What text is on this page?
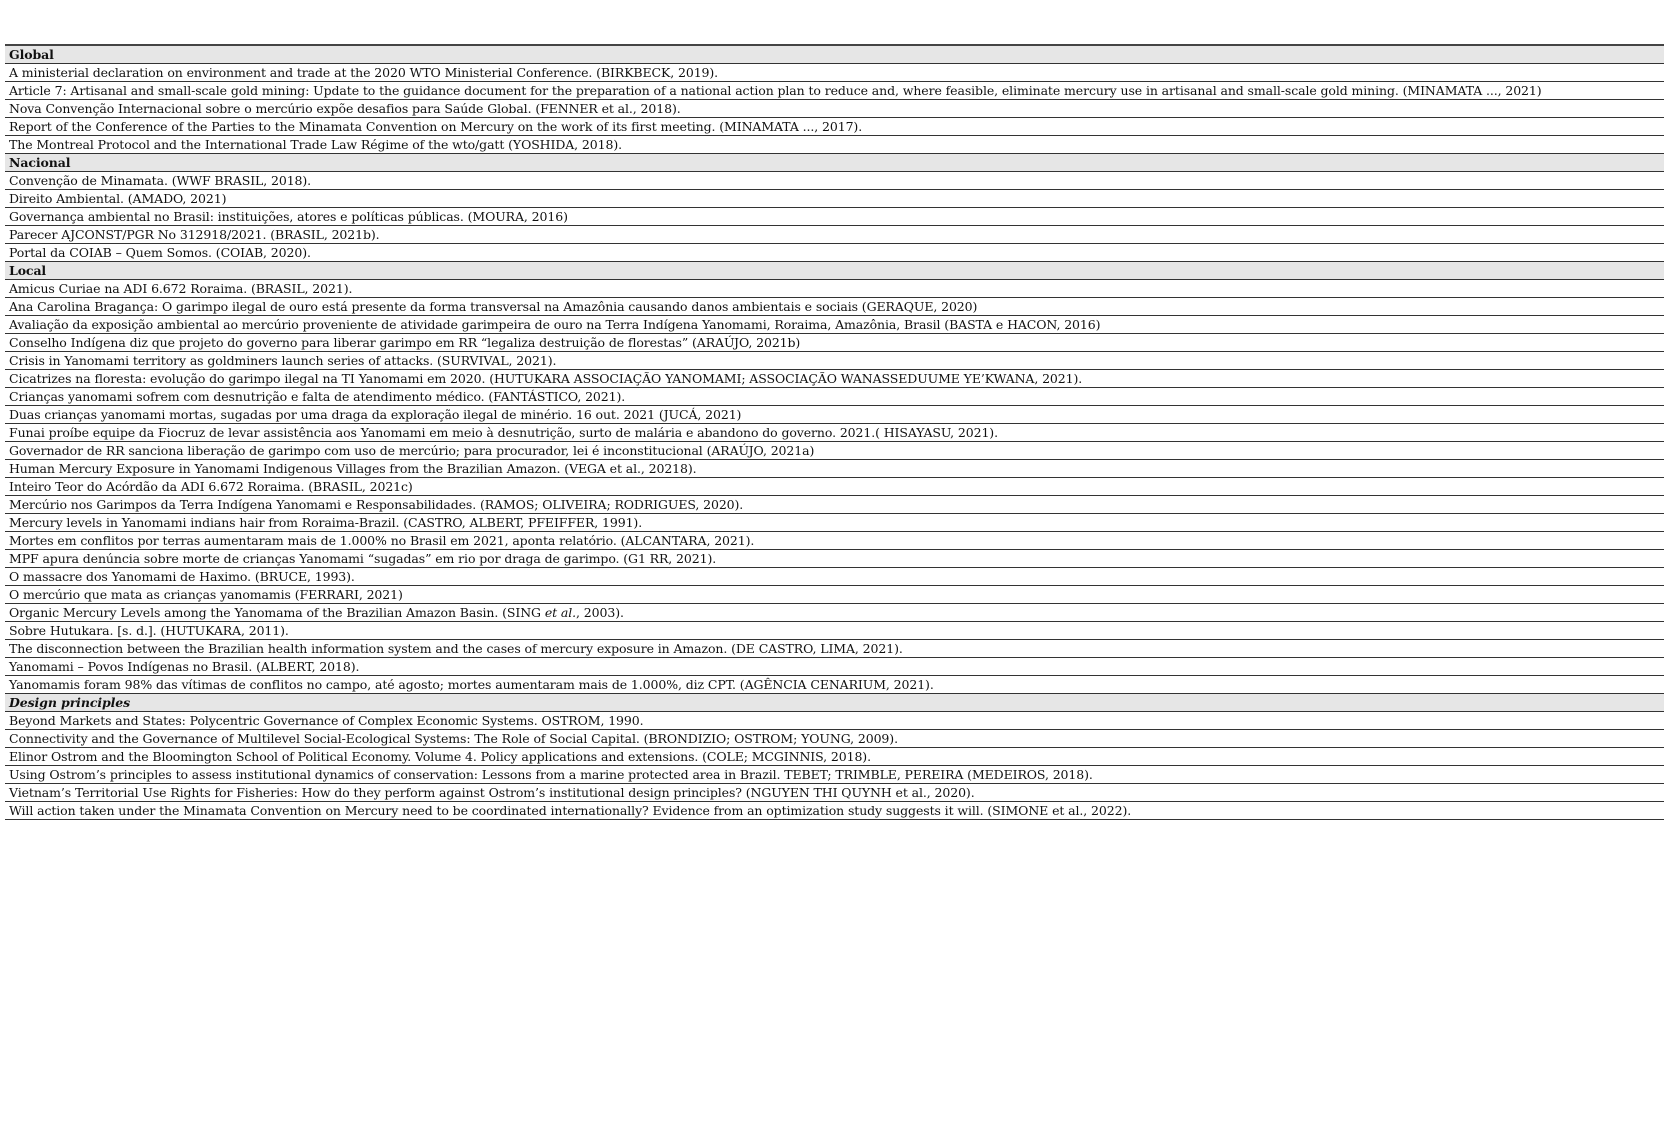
Global
A ministerial declaration on environment and trade at the 2020 WTO Ministerial Conference. (BIRKBECK, 2019).
Article 7: Artisanal and small-scale gold mining: Update to the guidance document for the preparation of a national action plan to reduce and, where feasible, eliminate mercury use in artisanal and small-scale gold mining. (MINAMATA ..., 2021)
Nova Convenção Internacional sobre o mercúrio expõe desafios para Saúde Global. (FENNER et al., 2018).
Report of the Conference of the Parties to the Minamata Convention on Mercury on the work of its first meeting. (MINAMATA ..., 2017).
The Montreal Protocol and the International Trade Law Régime of the wto/gatt (YOSHIDA, 2018).
Nacional
Convenção de Minamata. (WWF BRASIL, 2018).
Direito Ambiental. (AMADO, 2021)
Governança ambiental no Brasil: instituições, atores e políticas públicas. (MOURA, 2016)
Parecer AJCONST/PGR No 312918/2021. (BRASIL, 2021b).
Portal da COIAB – Quem Somos. (COIAB, 2020).
Local
Amicus Curiae na ADI 6.672 Roraima. (BRASIL, 2021).
Ana Carolina Bragança: O garimpo ilegal de ouro está presente da forma transversal na Amazônia causando danos ambientais e sociais (GERAQUE, 2020)
Avaliação da exposição ambiental ao mercúrio proveniente de atividade garimpeira de ouro na Terra Indígena Yanomami, Roraima, Amazônia, Brasil (BASTA e HACON, 2016)
Conselho Indígena diz que projeto do governo para liberar garimpo em RR “legaliza destruição de florestas” (ARAÚJO, 2021b)
Crisis in Yanomami territory as goldminers launch series of attacks. (SURVIVAL, 2021).
Cicatrizes na floresta: evolução do garimpo ilegal na TI Yanomami em 2020. (HUTUKARA ASSOCIAÇÃO YANOMAMI; ASSOCIAÇÃO WANASSEDUUME YE’KWANA, 2021).
Crianças yanomami sofrem com desnutrição e falta de atendimento médico. (FANTÁSTICO, 2021).
Duas crianças yanomami mortas, sugadas por uma draga da exploração ilegal de minério. 16 out. 2021 (JUCÁ, 2021)
Funai proíbe equipe da Fiocruz de levar assistência aos Yanomami em meio à desnutrição, surto de malária e abandono do governo. 2021.( HISAYASU, 2021).
Governador de RR sanciona liberação de garimpo com uso de mercúrio; para procurador, lei é inconstitucional (ARAÚJO, 2021a)
Human Mercury Exposure in Yanomami Indigenous Villages from the Brazilian Amazon. (VEGA et al., 20218).
Inteiro Teor do Acórdão da ADI 6.672 Roraima. (BRASIL, 2021c)
Mercúrio nos Garimpos da Terra Indígena Yanomami e Responsabilidades. (RAMOS; OLIVEIRA; RODRIGUES, 2020).
Mercury levels in Yanomami indians hair from Roraima-Brazil. (CASTRO, ALBERT, PFEIFFER, 1991).
Mortes em conflitos por terras aumentaram mais de 1.000% no Brasil em 2021, aponta relatório. (ALCANTARA, 2021).
MPF apura denúncia sobre morte de crianças Yanomami “sugadas” em rio por draga de garimpo. (G1 RR, 2021).
O massacre dos Yanomami de Haximo. (BRUCE, 1993).
O mercúrio que mata as crianças yanomamis (FERRARI, 2021)
Organic Mercury Levels among the Yanomama of the Brazilian Amazon Basin. (SING et al., 2003).
Sobre Hutukara. [s. d.]. (HUTUKARA, 2011).
The disconnection between the Brazilian health information system and the cases of mercury exposure in Amazon. (DE CASTRO, LIMA, 2021).
Yanomami – Povos Indígenas no Brasil. (ALBERT, 2018).
Yanomamis foram 98% das vítimas de conflitos no campo, até agosto; mortes aumentaram mais de 1.000%, diz CPT. (AGÊNCIA CENARIUM, 2021).
Design principles
Beyond Markets and States: Polycentric Governance of Complex Economic Systems. OSTROM, 1990.
Connectivity and the Governance of Multilevel Social-Ecological Systems: The Role of Social Capital. (BRONDIZIO; OSTROM; YOUNG, 2009).
Elinor Ostrom and the Bloomington School of Political Economy. Volume 4. Policy applications and extensions. (COLE; MCGINNIS, 2018).
Using Ostrom’s principles to assess institutional dynamics of conservation: Lessons from a marine protected area in Brazil. TEBET; TRIMBLE, PEREIRA (MEDEIROS, 2018).
Vietnam’s Territorial Use Rights for Fisheries: How do they perform against Ostrom’s institutional design principles? (NGUYEN THI QUYNH et al., 2020).
Will action taken under the Minamata Convention on Mercury need to be coordinated internationally? Evidence from an optimization study suggests it will. (SIMONE et al., 2022).
